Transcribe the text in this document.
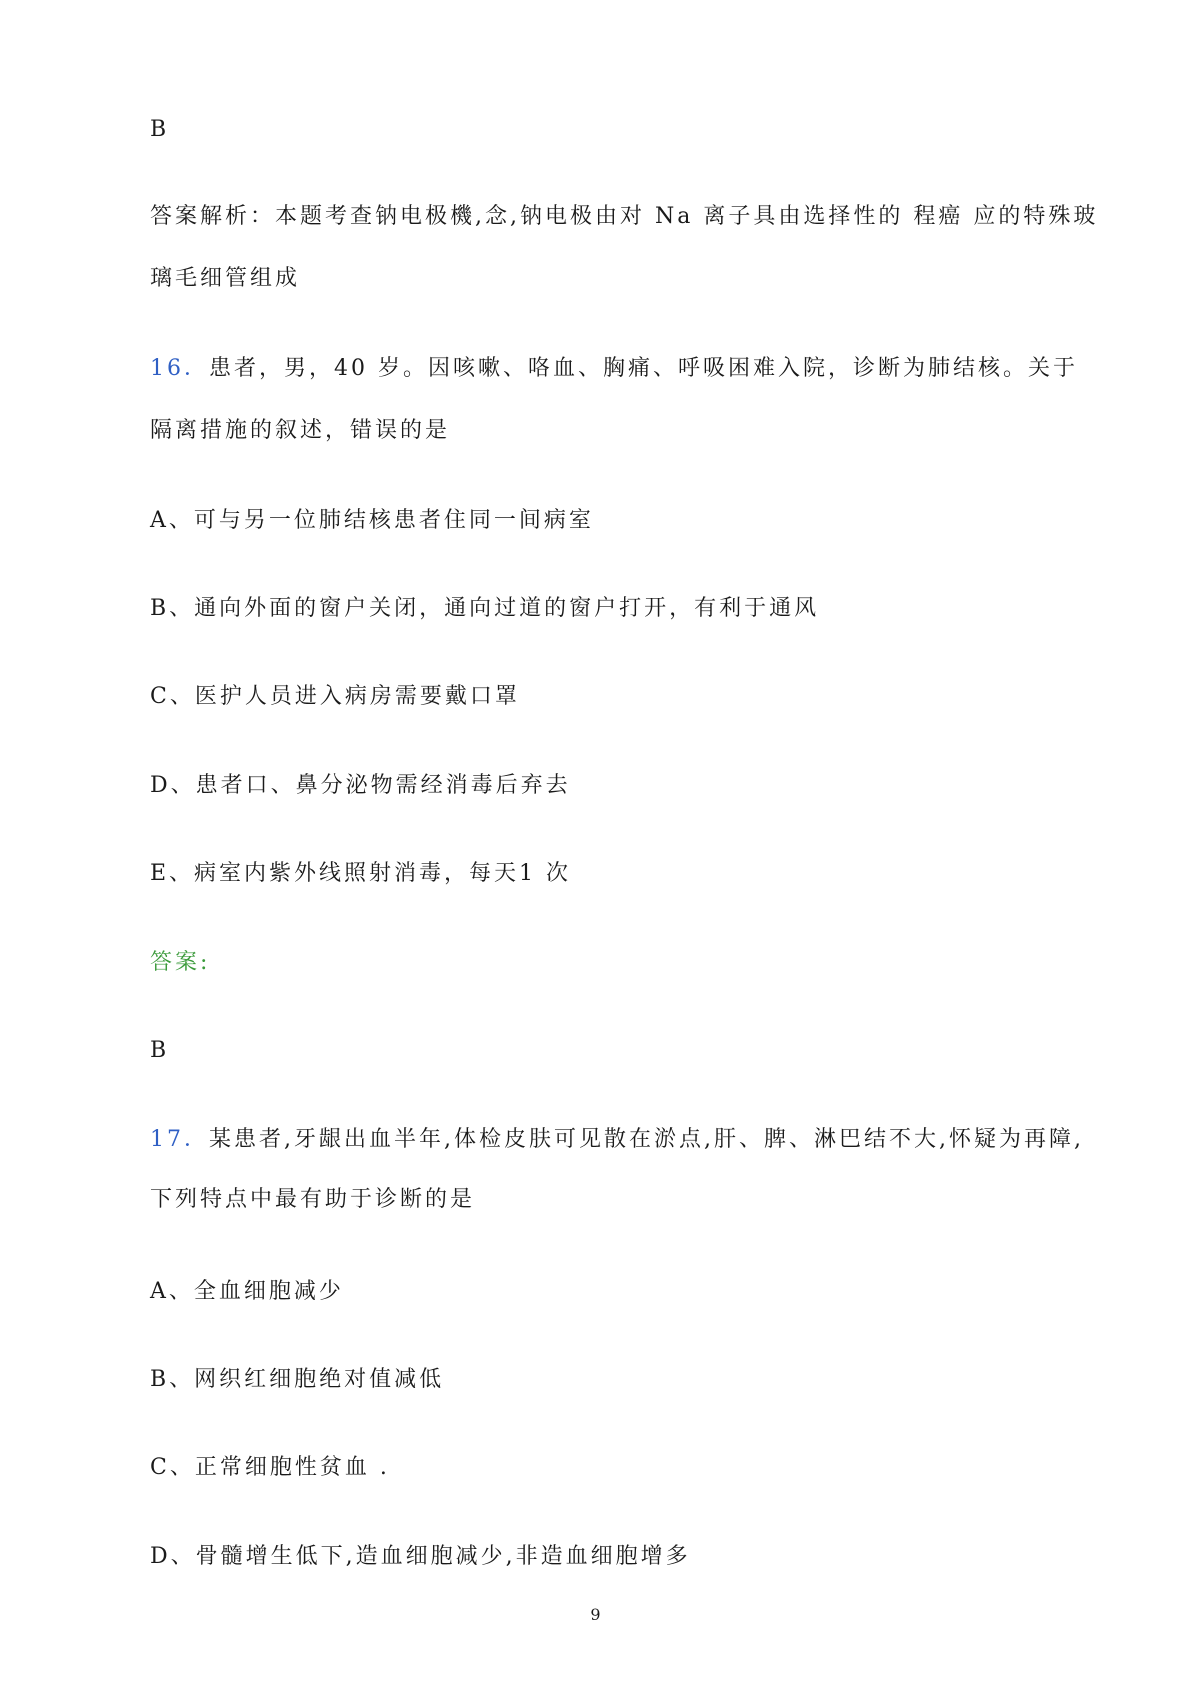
B
答案解析：本题考查钠电极機,念,钠电极由对 Na 离子具由选择性的 程癌 应的特殊玻
璃毛细管组成
16．患者，男，40 岁。因咳嗽、咯血、胸痛、呼吸困难入院，诊断为肺结核。关于
隔离措施的叙述，错误的是
A、可与另一位肺结核患者住同一间病室
B、通向外面的窗户关闭，通向过道的窗户打开，有利于通风
C、医护人员进入病房需要戴口罩
D、患者口、鼻分泌物需经消毒后弃去
E、病室内紫外线照射消毒，每天1 次
答案:
B
17．某患者,牙龈出血半年,体检皮肤可见散在淤点,肝、脾、淋巴结不大,怀疑为再障,
下列特点中最有助于诊断的是
A、全血细胞减少
B、网织红细胞绝对值减低
C、正常细胞性贫血 .
D、骨髓增生低下,造血细胞减少,非造血细胞增多
9
